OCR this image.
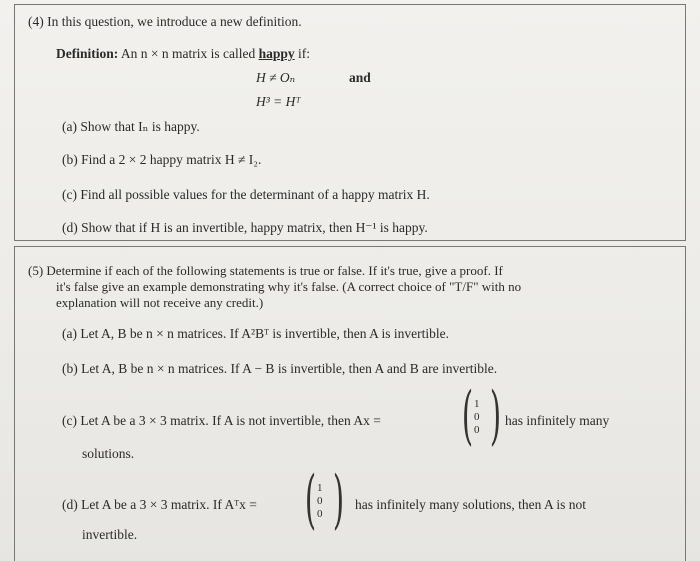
(4) In this question, we introduce a new definition.
Definition: An n × n matrix is called happy if:
H ≠ Oₙ	and
H³ = Hᵀ
(a) Show that Iₙ is happy.
(b) Find a 2 × 2 happy matrix H ≠ I₂.
(c) Find all possible values for the determinant of a happy matrix H.
(d) Show that if H is an invertible, happy matrix, then H⁻¹ is happy.
(5) Determine if each of the following statements is true or false. If it's true, give a proof. If
it's false give an example demonstrating why it's false. (A correct choice of "T/F" with no
explanation will not receive any credit.)
(a) Let A, B be n × n matrices. If A²Bᵀ is invertible, then A is invertible.
(b) Let A, B be n × n matrices. If A − B is invertible, then A and B are invertible.
(c) Let A be a 3 × 3 matrix. If A is not invertible, then Ax = ( 1
0
0 ) has infinitely many
solutions.
(d) Let A be a 3 × 3 matrix. If Aᵀx = ( 1
0
0 ) has infinitely many solutions, then A is not
invertible.
